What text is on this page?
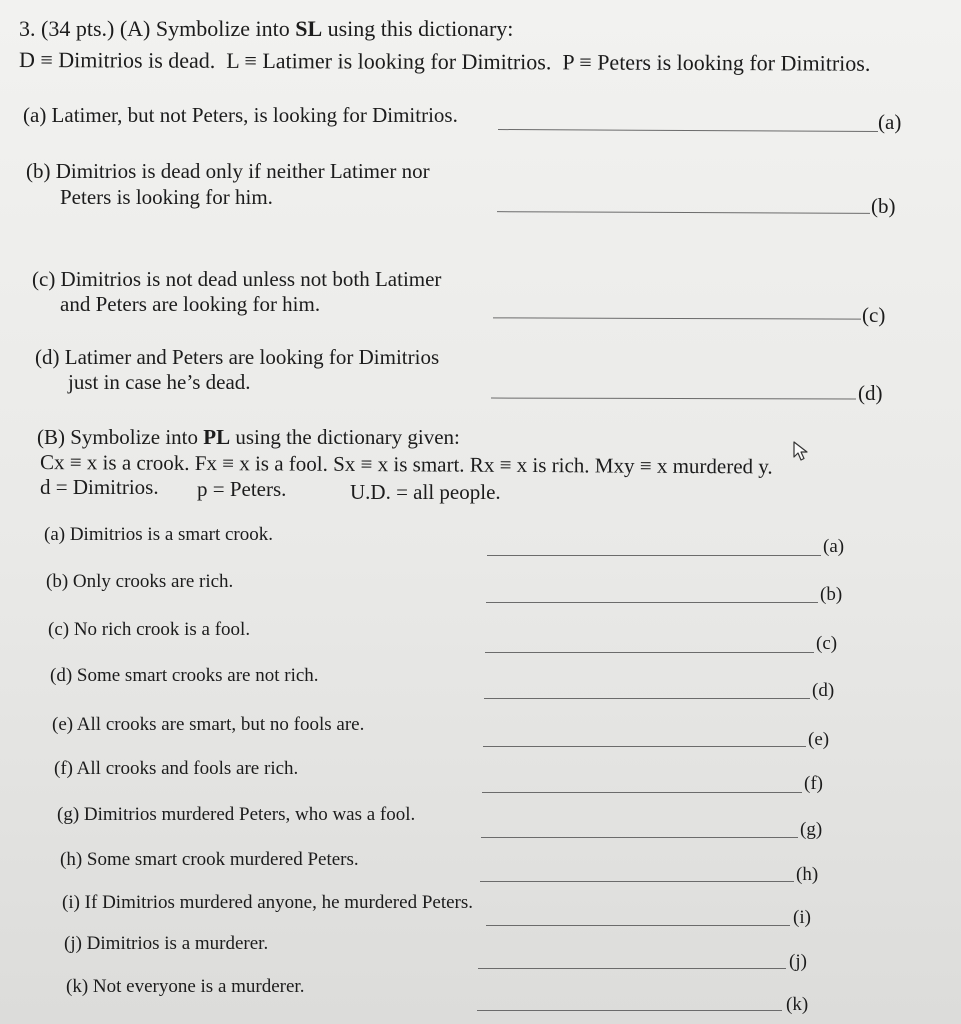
3. (34 pts.) (A) Symbolize into SL using this dictionary:
D ≡ Dimitrios is dead. L ≡ Latimer is looking for Dimitrios. P ≡ Peters is looking for Dimitrios.
(a) Latimer, but not Peters, is looking for Dimitrios.	(a)
(b) Dimitrios is dead only if neither Latimer nor
Peters is looking for him.	(b)
(c) Dimitrios is not dead unless not both Latimer
and Peters are looking for him.	(c)
(d) Latimer and Peters are looking for Dimitrios
just in case he’s dead.	(d)
(B) Symbolize into PL using the dictionary given:
Cx ≡ x is a crook. Fx ≡ x is a fool. Sx ≡ x is smart. Rx ≡ x is rich. Mxy ≡ x murdered y.
d = Dimitrios. p = Peters.	U.D. = all people.
(a) Dimitrios is a smart crook.
(a)
(b) Only crooks are rich.
(b)
(c) No rich crook is a fool.
(c)
(d) Some smart crooks are not rich.
(d)
(e) All crooks are smart, but no fools are.
(e)
(f) All crooks and fools are rich.
(f)
(g) Dimitrios murdered Peters, who was a fool.
(g)
(h) Some smart crook murdered Peters.
(h)
(i) If Dimitrios murdered anyone, he murdered Peters.
(i)
(j) Dimitrios is a murderer.
(j)
(k) Not everyone is a murderer.
(k)
